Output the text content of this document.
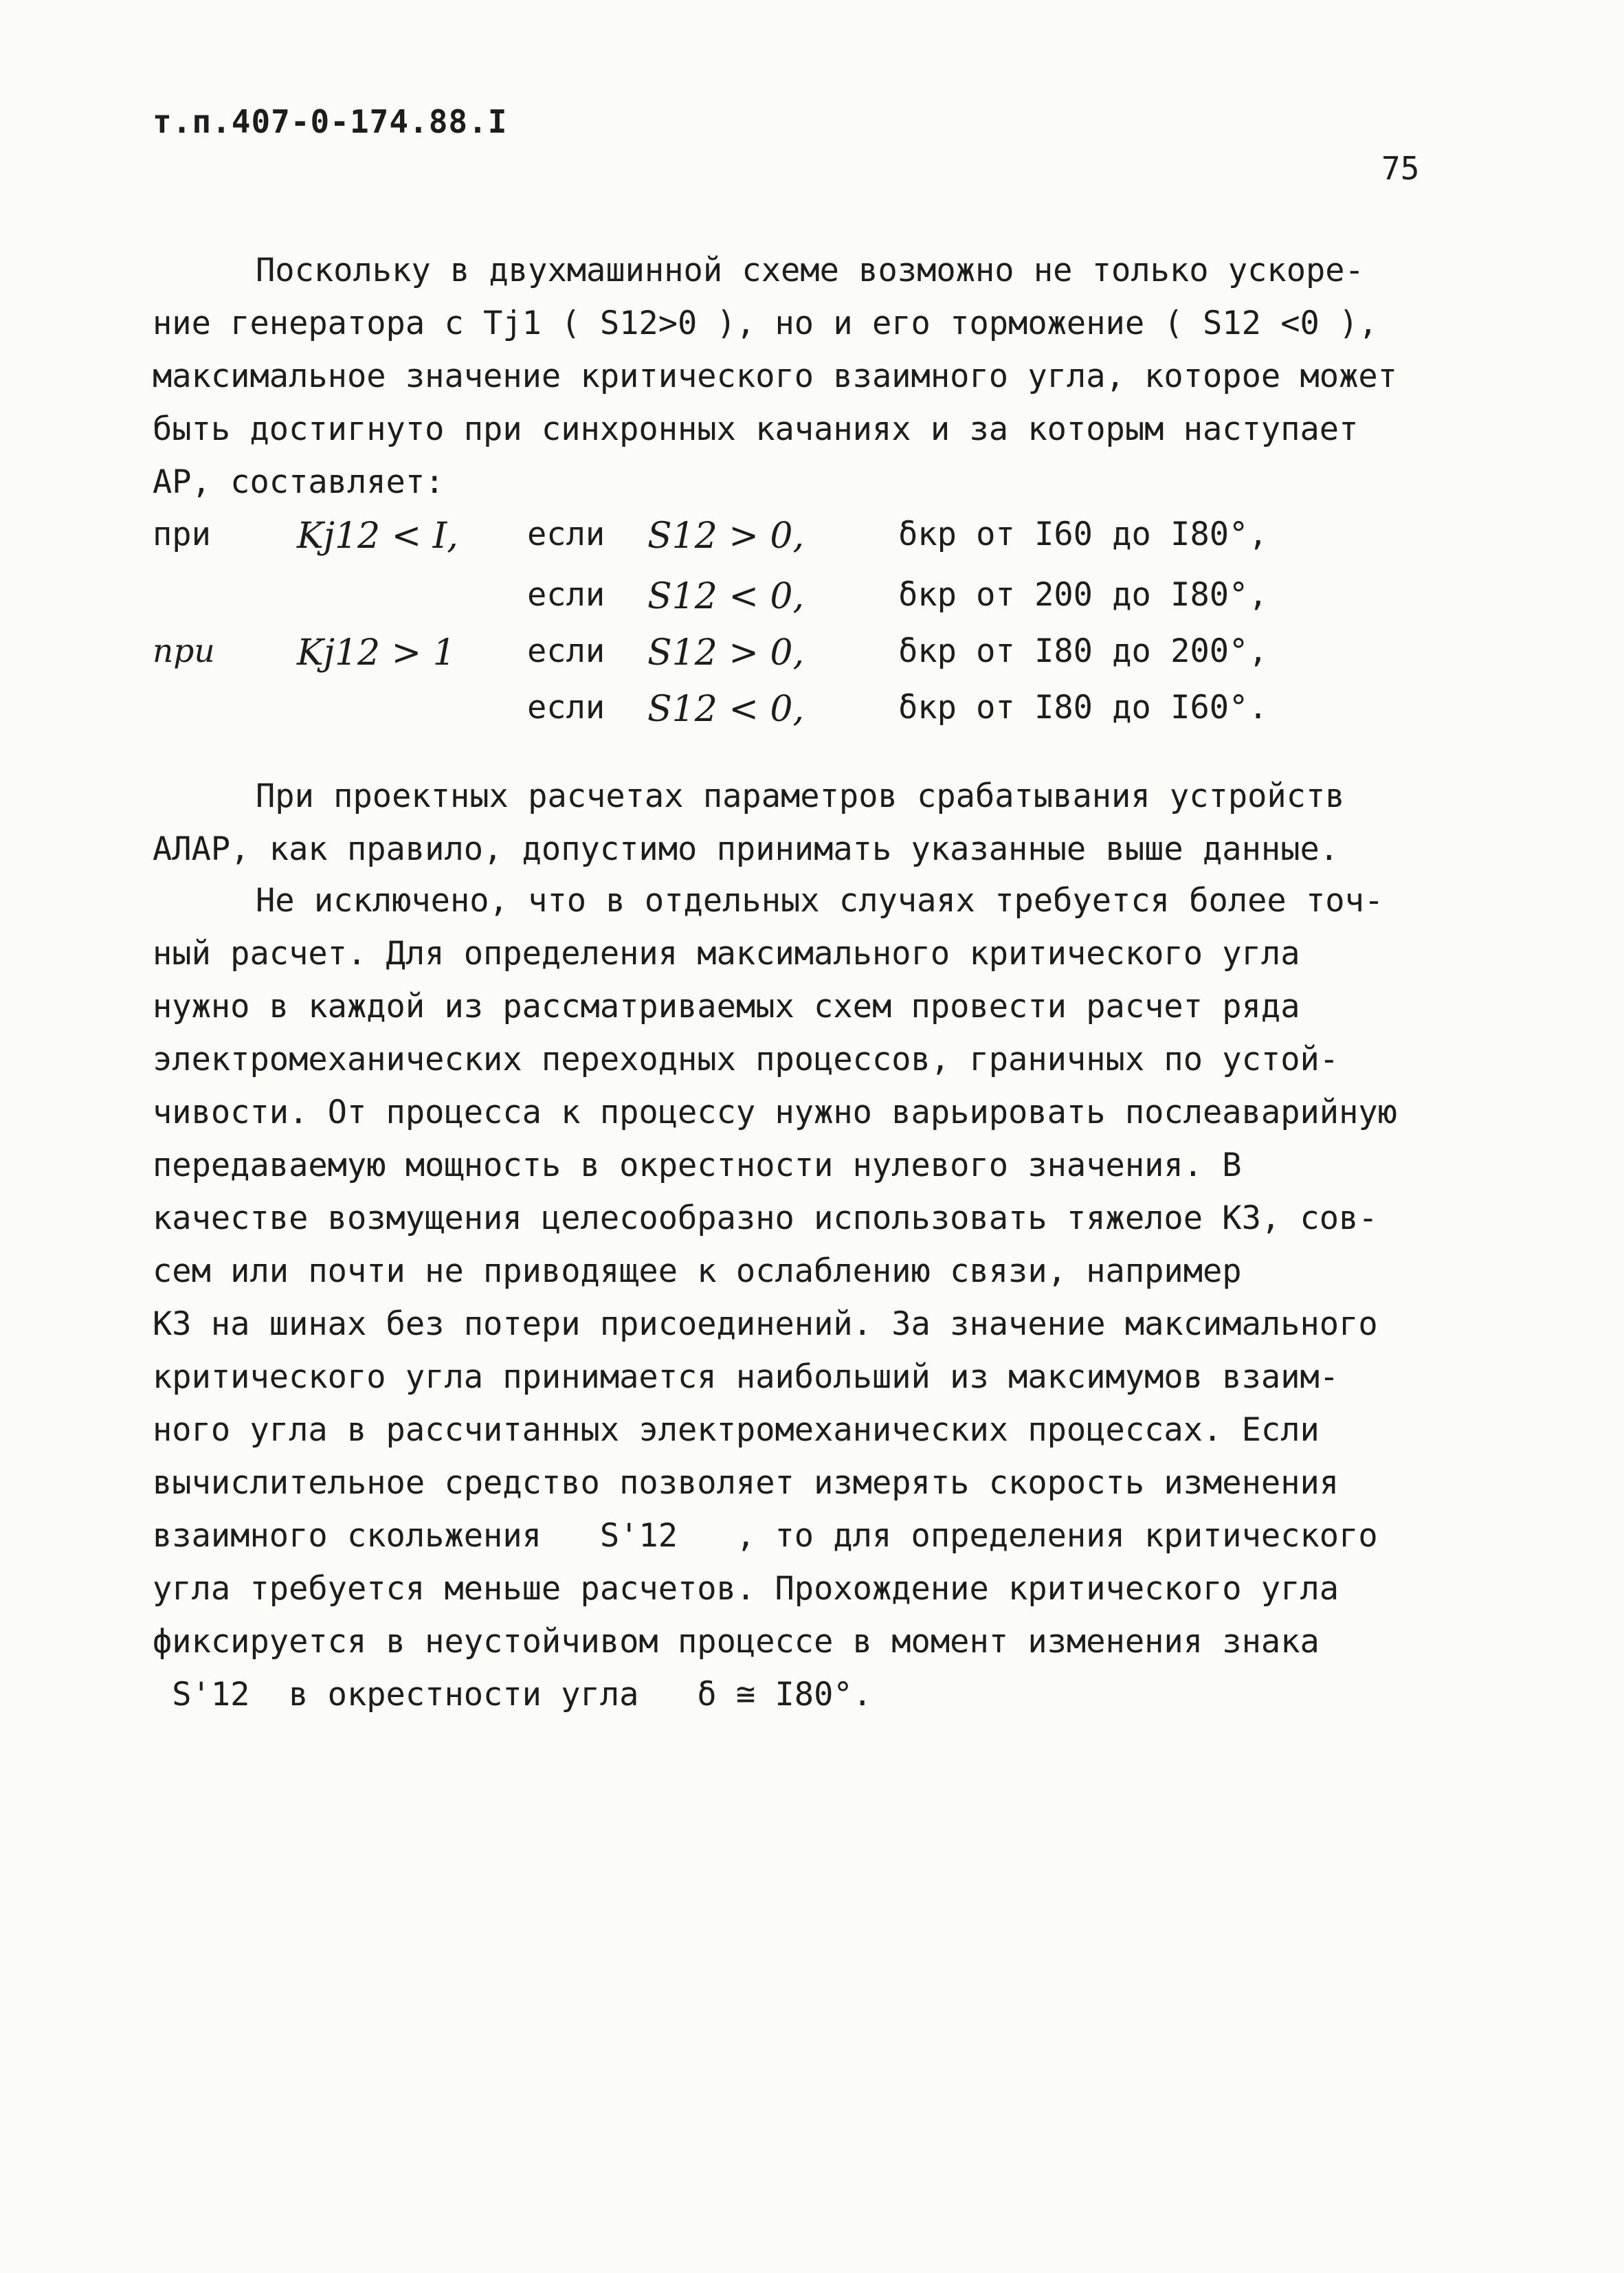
т.п.407-0-174.88.I
75

Поскольку в двухмашинной схеме возможно не только ускоре-

ние генератора с Tj1 ( S12>0 ), но и его торможение ( S12 <0 ),

максимальное значение критического взаимного угла, которое может

быть достигнуто при синхронных качаниях и за которым наступает

АР, составляет:

при Kj12 < I, если S12 > 0,	δкр от I60 до I80°,
если S12 < 0,	δкр от 200 до I80°,
при Kj12 > 1 если S12 > 0,	δкр от I80 до 200°,
если S12 < 0,	δкр от I80 до I60°.

При проектных расчетах параметров срабатывания устройств

АЛАР, как правило, допустимо принимать указанные выше данные.

Не исключено, что в отдельных случаях требуется более точ-

ный расчет. Для определения максимального критического угла

нужно в каждой из рассматриваемых схем провести расчет ряда

электромеханических переходных процессов, граничных по устой-

чивости. От процесса к процессу нужно варьировать послеаварийную

передаваемую мощность в окрестности нулевого значения. В

качестве возмущения целесообразно использовать тяжелое КЗ, сов-

сем или почти не приводящее к ослаблению связи, например

КЗ на шинах без потери присоединений. За значение максимального

критического угла принимается наибольший из максимумов взаим-

ного угла в рассчитанных электромеханических процессах. Если

вычислительное средство позволяет измерять скорость изменения

взаимного скольжения   S'12   , то для определения критического

угла требуется меньше расчетов. Прохождение критического угла

фиксируется в неустойчивом процессе в момент изменения знака

S'12  в окрестности угла   δ ≅ I80°.
